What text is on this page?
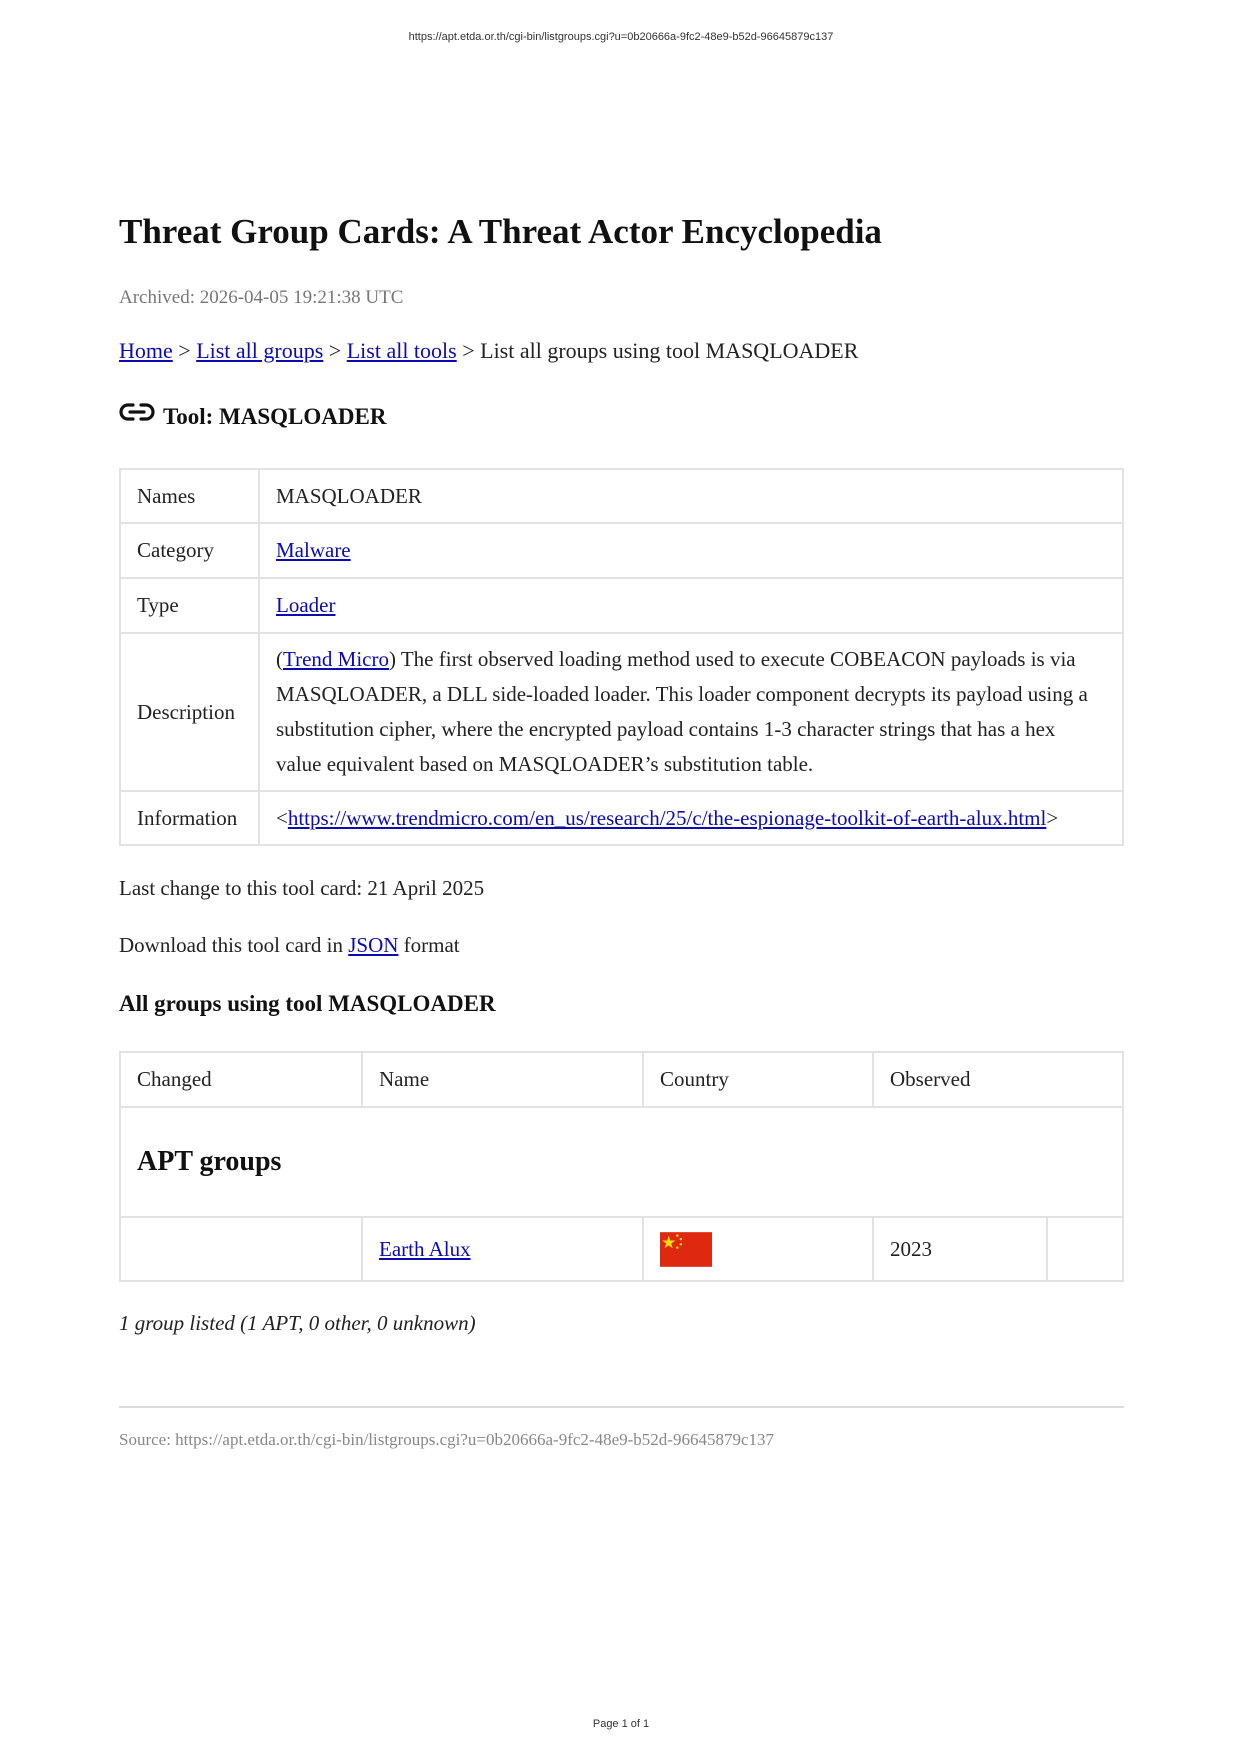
https://apt.etda.or.th/cgi-bin/listgroups.cgi?u=0b20666a-9fc2-48e9-b52d-96645879c137
Threat Group Cards: A Threat Actor Encyclopedia
Archived: 2026-04-05 19:21:38 UTC
Home > List all groups > List all tools > List all groups using tool MASQLOADER
Tool: MASQLOADER
Names	MASQLOADER
Category	Malware
Type	Loader
Description	(Trend Micro) The first observed loading method used to execute COBEACON payloads is via MASQLOADER, a DLL side-loaded loader. This loader component decrypts its payload using a substitution cipher, where the encrypted payload contains 1-3 character strings that has a hex value equivalent based on MASQLOADER’s substitution table.
Information	<https://www.trendmicro.com/en_us/research/25/c/the-espionage-toolkit-of-earth-alux.html>
Last change to this tool card: 21 April 2025
Download this tool card in JSON format
All groups using tool MASQLOADER
Changed	Name	Country	Observed	
APT groups				
	Earth Alux		2023	
1 group listed (1 APT, 0 other, 0 unknown)
Source: https://apt.etda.or.th/cgi-bin/listgroups.cgi?u=0b20666a-9fc2-48e9-b52d-96645879c137
Page 1 of 1
